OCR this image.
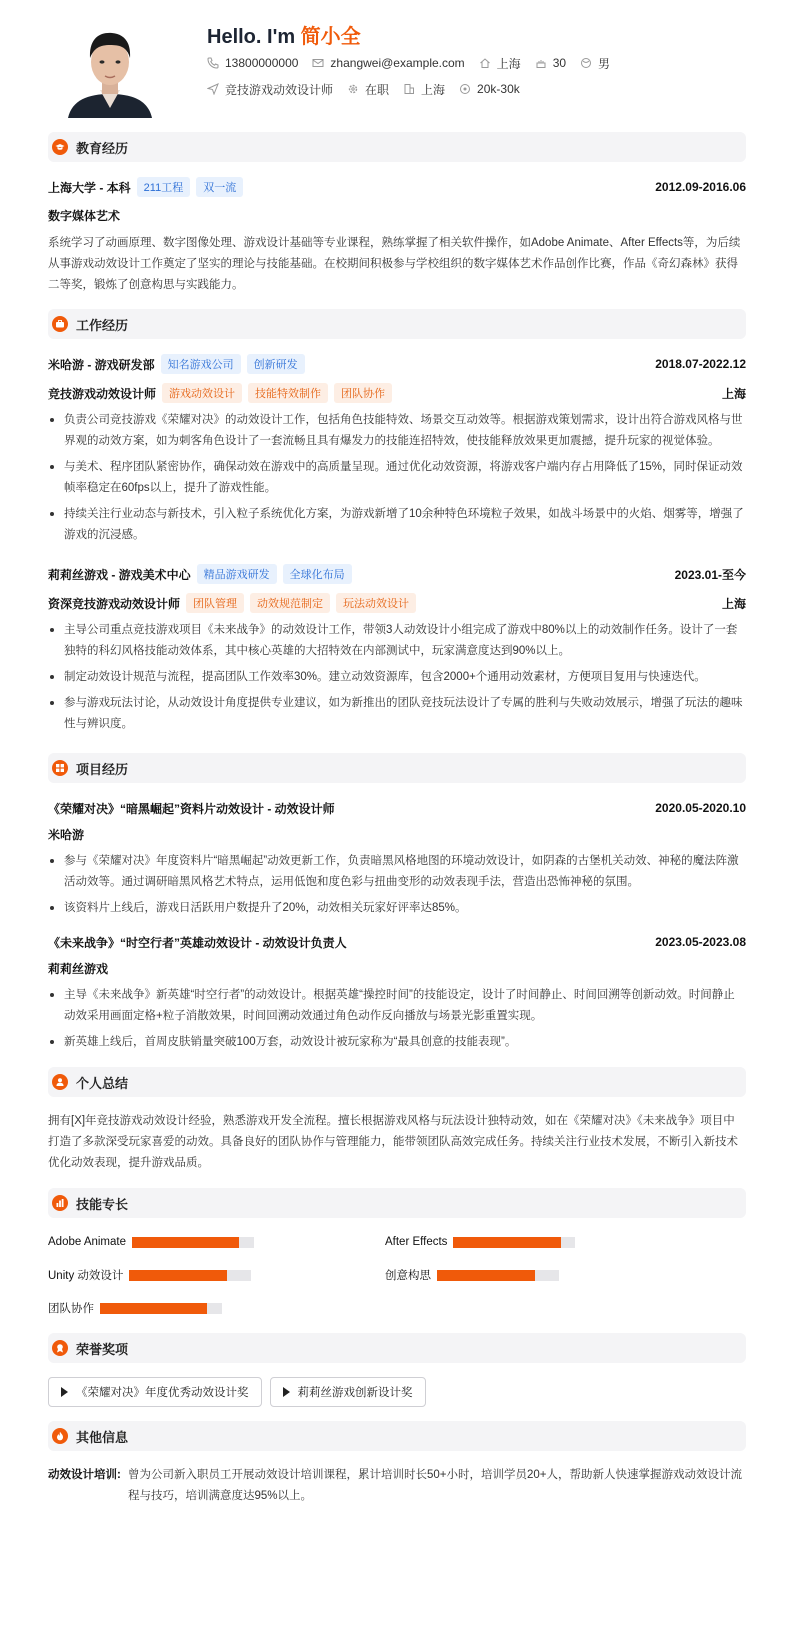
Hello. I'm 简小全
13800000000	zhangwei@example.com	上海	30	男
竞技游戏动效设计师	在职	上海	20k-30k
教育经历
上海大学 - 本科	211工程	双一流	2012.09-2016.06
数字媒体艺术
系统学习了动画原理、数字图像处理、游戏设计基础等专业课程，熟练掌握了相关软件操作，如Adobe Animate、After Effects等，为后续从事游戏动效设计工作奠定了坚实的理论与技能基础。在校期间积极参与学校组织的数字媒体艺术作品创作比赛，作品《奇幻森林》获得二等奖，锻炼了创意构思与实践能力。
工作经历
米哈游 - 游戏研发部	知名游戏公司	创新研发	2018.07-2022.12
竞技游戏动效设计师	游戏动效设计	技能特效制作	团队协作	上海
负责公司竞技游戏《荣耀对决》的动效设计工作，包括角色技能特效、场景交互动效等。根据游戏策划需求，设计出符合游戏风格与世界观的动效方案，如为刺客角色设计了一套流畅且具有爆发力的技能连招特效，使技能释放效果更加震撼，提升玩家的视觉体验。
与美术、程序团队紧密协作，确保动效在游戏中的高质量呈现。通过优化动效资源，将游戏客户端内存占用降低了15%，同时保证动效帧率稳定在60fps以上，提升了游戏性能。
持续关注行业动态与新技术，引入粒子系统优化方案，为游戏新增了10余种特色环境粒子效果，如战斗场景中的火焰、烟雾等，增强了游戏的沉浸感。
莉莉丝游戏 - 游戏美术中心	精品游戏研发	全球化布局	2023.01-至今
资深竞技游戏动效设计师	团队管理	动效规范制定	玩法动效设计	上海
主导公司重点竞技游戏项目《未来战争》的动效设计工作，带领3人动效设计小组完成了游戏中80%以上的动效制作任务。设计了一套独特的科幻风格技能动效体系，其中核心英雄的大招特效在内部测试中，玩家满意度达到90%以上。
制定动效设计规范与流程，提高团队工作效率30%。建立动效资源库，包含2000+个通用动效素材，方便项目复用与快速迭代。
参与游戏玩法讨论，从动效设计角度提供专业建议，如为新推出的团队竞技玩法设计了专属的胜利与失败动效展示，增强了玩法的趣味性与辨识度。
项目经历
《荣耀对决》“暗黑崛起”资料片动效设计 - 动效设计师	2020.05-2020.10
米哈游
参与《荣耀对决》年度资料片“暗黑崛起”动效更新工作，负责暗黑风格地图的环境动效设计，如阴森的古堡机关动效、神秘的魔法阵激活动效等。通过调研暗黑风格艺术特点，运用低饱和度色彩与扭曲变形的动效表现手法，营造出恐怖神秘的氛围。
该资料片上线后，游戏日活跃用户数提升了20%，动效相关玩家好评率达85%。
《未来战争》“时空行者”英雄动效设计 - 动效设计负责人	2023.05-2023.08
莉莉丝游戏
主导《未来战争》新英雄“时空行者”的动效设计。根据英雄“操控时间”的技能设定，设计了时间静止、时间回溯等创新动效。时间静止动效采用画面定格+粒子消散效果，时间回溯动效通过角色动作反向播放与场景光影重置实现。
新英雄上线后，首周皮肤销量突破100万套，动效设计被玩家称为“最具创意的技能表现”。
个人总结
拥有[X]年竞技游戏动效设计经验，熟悉游戏开发全流程。擅长根据游戏风格与玩法设计独特动效，如在《荣耀对决》《未来战争》项目中打造了多款深受玩家喜爱的动效。具备良好的团队协作与管理能力，能带领团队高效完成任务。持续关注行业技术发展，不断引入新技术优化动效表现，提升游戏品质。
技能专长
Adobe Animate	After Effects
Unity 动效设计	创意构思
团队协作
荣誉奖项
《荣耀对决》年度优秀动效设计奖	莉莉丝游戏创新设计奖
其他信息
动效设计培训: 曾为公司新入职员工开展动效设计培训课程，累计培训时长50+小时，培训学员20+人，帮助新人快速掌握游戏动效设计流程与技巧，培训满意度达95%以上。
